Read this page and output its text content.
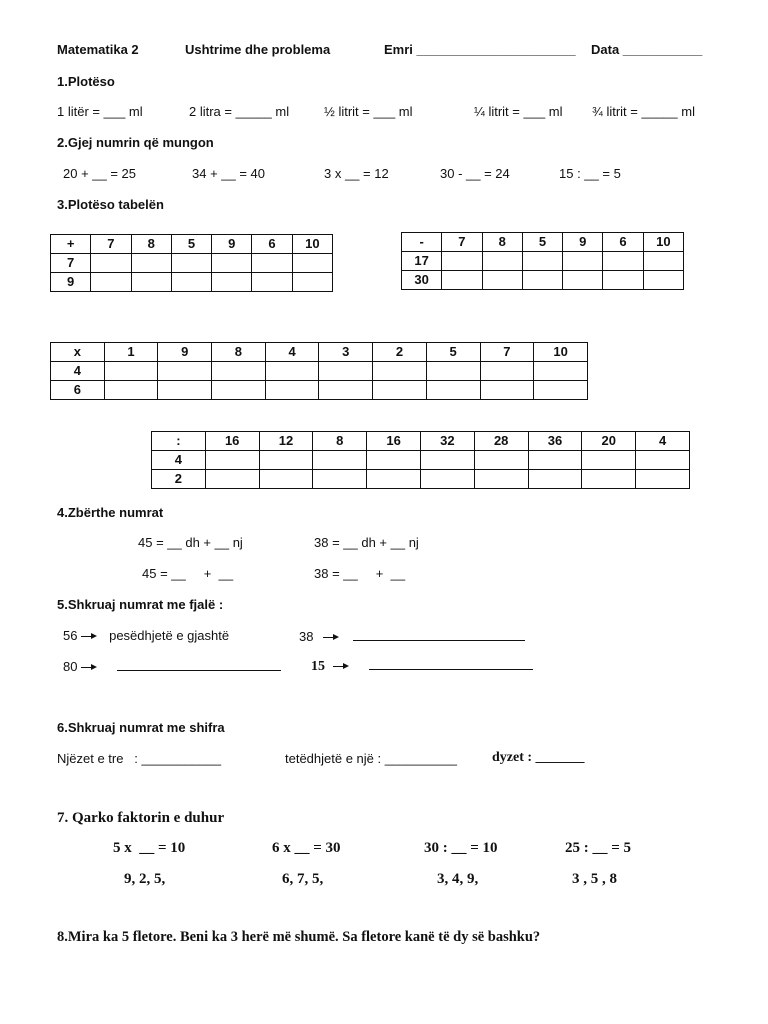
Matematika 2	Ushtrime dhe problema	Emri ______________________ Data ___________
1.Plotëso
1 litër = ___ ml	2 litra = _____ ml	½ litrit = ___ ml	¼ litrit = ___ ml ¾ litrit = _____ ml
2.Gjej numrin që mungon
20 + __ = 25	34 + __ = 40	3 x __ = 12	30 - __ = 24	15 : __ = 5
3.Plotëso tabelën
+	7	8	5	9	6	10
7						
9						
-	7	8	5	9	6	10
17						
30						
x	1	9	8	4	3	2	5	7	10
4									
6									
:	16	12	8	16	32	28	36	20	4
4									
2									
4.Zbërthe numrat
45 = __ dh + __ nj	38 = __ dh + __ nj
45 = __     +  __	38 = __     +  __
5.Shkruaj numrat me fjalë :
56 pesëdhjetë e gjashtë	38
80	15
6.Shkruaj numrat me shifra
Njëzet e tre   : ___________	tetëdhjetë e një : __________ dyzet : _______
7. Qarko faktorin e duhur
5 x  __ = 10	6 x __ = 30	30 : __ = 10	25 : __ = 5
9, 2, 5,	6, 7, 5,	3, 4, 9,	3 , 5 , 8
8.Mira ka 5 fletore. Beni ka 3 herë më shumë. Sa fletore kanë të dy së bashku?
